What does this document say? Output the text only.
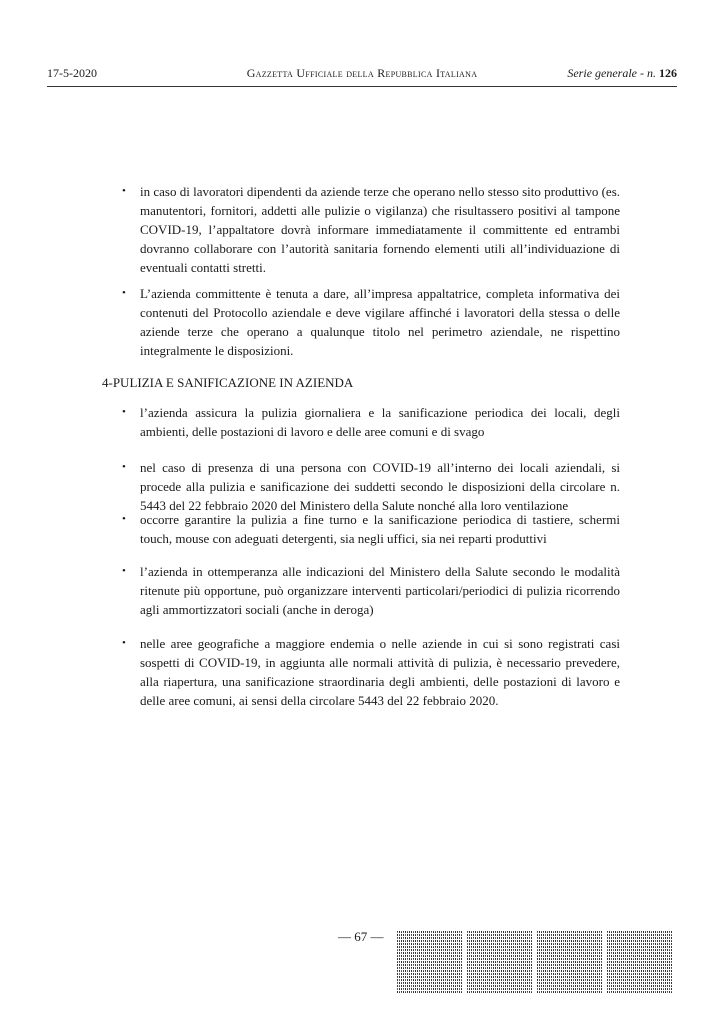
17-5-2020	Gazzetta Ufficiale della Repubblica Italiana	Serie generale - n. 126
• in caso di lavoratori dipendenti da aziende terze che operano nello stesso sito produttivo (es. manutentori, fornitori, addetti alle pulizie o vigilanza) che risultassero positivi al tampone COVID-19, l’appaltatore dovrà informare immediatamente il committente ed entrambi dovranno collaborare con l’autorità sanitaria fornendo elementi utili all’individuazione di eventuali contatti stretti.
• L’azienda committente è tenuta a dare, all’impresa appaltatrice, completa informativa dei contenuti del Protocollo aziendale e deve vigilare affinché i lavoratori della stessa o delle aziende terze che operano a qualunque titolo nel perimetro aziendale, ne rispettino integralmente le disposizioni.
4-PULIZIA E SANIFICAZIONE IN AZIENDA
• l’azienda assicura la pulizia giornaliera e la sanificazione periodica dei locali, degli ambienti, delle postazioni di lavoro e delle aree comuni e di svago
• nel caso di presenza di una persona con COVID-19 all’interno dei locali aziendali, si procede alla pulizia e sanificazione dei suddetti secondo le disposizioni della circolare n. 5443 del 22 febbraio 2020 del Ministero della Salute nonché alla loro ventilazione
• occorre garantire la pulizia a fine turno e la sanificazione periodica di tastiere, schermi touch, mouse con adeguati detergenti, sia negli uffici, sia nei reparti produttivi
• l’azienda in ottemperanza alle indicazioni del Ministero della Salute secondo le modalità ritenute più opportune, può organizzare interventi particolari/periodici di pulizia ricorrendo agli ammortizzatori sociali (anche in deroga)
• nelle aree geografiche a maggiore endemia o nelle aziende in cui si sono registrati casi sospetti di COVID-19, in aggiunta alle normali attività di pulizia, è necessario prevedere, alla riapertura, una sanificazione straordinaria degli ambienti, delle postazioni di lavoro e delle aree comuni, ai sensi della circolare 5443 del 22 febbraio 2020.
— 67 —
